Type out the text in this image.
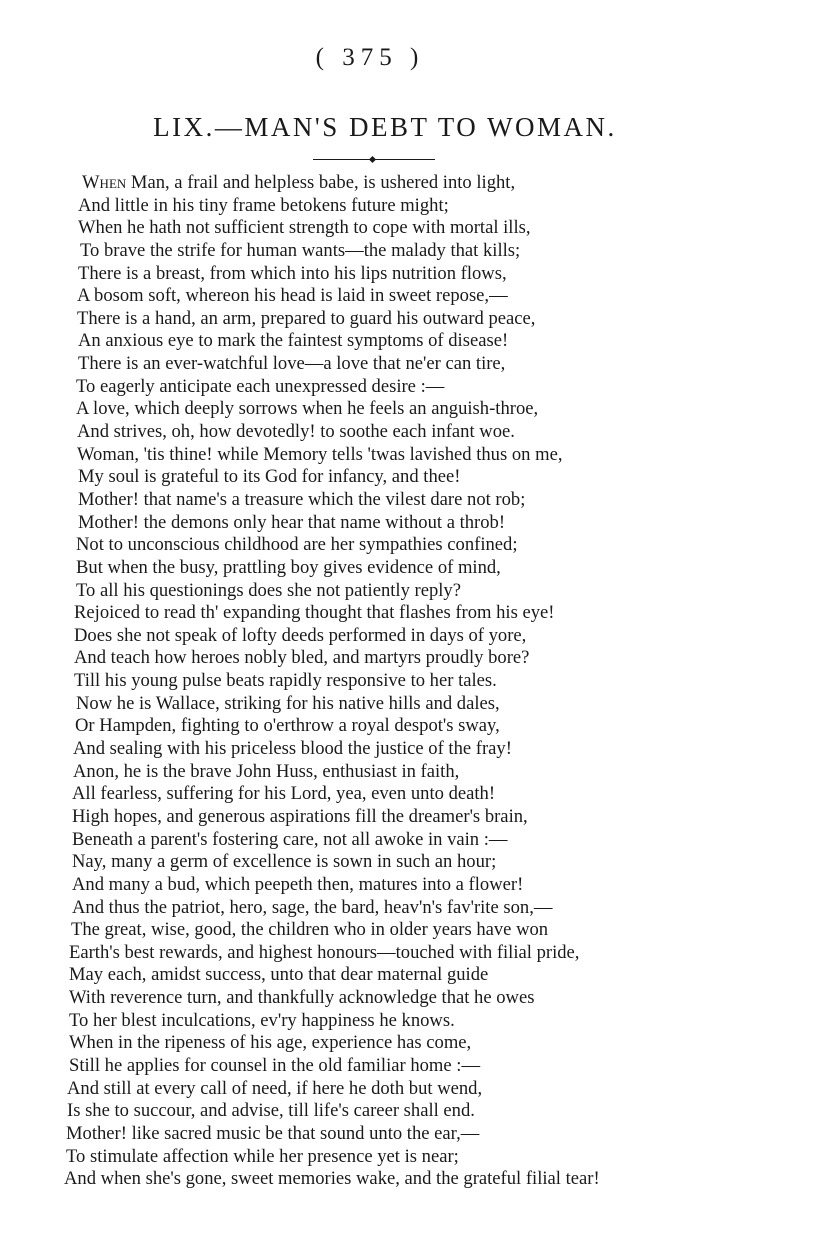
( 375 )
LIX.—MAN'S DEBT TO WOMAN.
When Man, a frail and helpless babe, is ushered into light,
And little in his tiny frame betokens future might;
When he hath not sufficient strength to cope with mortal ills,
To brave the strife for human wants—the malady that kills;
There is a breast, from which into his lips nutrition flows,
A bosom soft, whereon his head is laid in sweet repose,—
There is a hand, an arm, prepared to guard his outward peace,
An anxious eye to mark the faintest symptoms of disease!
There is an ever-watchful love—a love that ne'er can tire,
To eagerly anticipate each unexpressed desire :—
A love, which deeply sorrows when he feels an anguish-throe,
And strives, oh, how devotedly! to soothe each infant woe.
Woman, 'tis thine! while Memory tells 'twas lavished thus on me,
My soul is grateful to its God for infancy, and thee!
Mother! that name's a treasure which the vilest dare not rob;
Mother! the demons only hear that name without a throb!
Not to unconscious childhood are her sympathies confined;
But when the busy, prattling boy gives evidence of mind,
To all his questionings does she not patiently reply?
Rejoiced to read th' expanding thought that flashes from his eye!
Does she not speak of lofty deeds performed in days of yore,
And teach how heroes nobly bled, and martyrs proudly bore?
Till his young pulse beats rapidly responsive to her tales.
Now he is Wallace, striking for his native hills and dales,
Or Hampden, fighting to o'erthrow a royal despot's sway,
And sealing with his priceless blood the justice of the fray!
Anon, he is the brave John Huss, enthusiast in faith,
All fearless, suffering for his Lord, yea, even unto death!
High hopes, and generous aspirations fill the dreamer's brain,
Beneath a parent's fostering care, not all awoke in vain :—
Nay, many a germ of excellence is sown in such an hour;
And many a bud, which peepeth then, matures into a flower!
And thus the patriot, hero, sage, the bard, heav'n's fav'rite son,—
The great, wise, good, the children who in older years have won
Earth's best rewards, and highest honours—touched with filial pride,
May each, amidst success, unto that dear maternal guide
With reverence turn, and thankfully acknowledge that he owes
To her blest inculcations, ev'ry happiness he knows.
When in the ripeness of his age, experience has come,
Still he applies for counsel in the old familiar home :—
And still at every call of need, if here he doth but wend,
Is she to succour, and advise, till life's career shall end.
Mother! like sacred music be that sound unto the ear,—
To stimulate affection while her presence yet is near;
And when she's gone, sweet memories wake, and the grateful filial tear!
